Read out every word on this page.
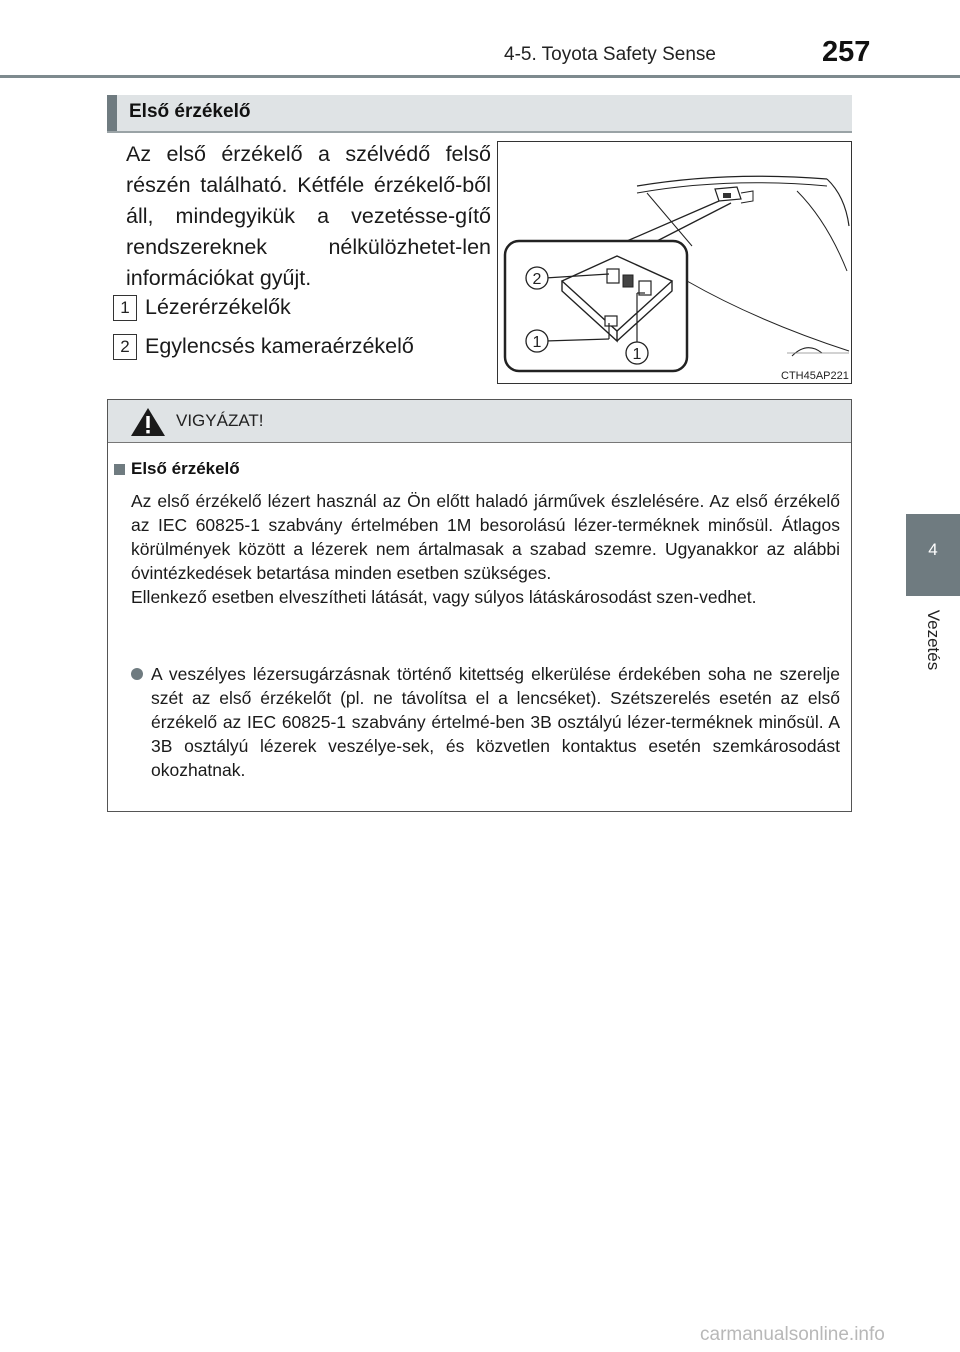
4-5. Toyota Safety Sense	257
4
Vezetés
Első érzékelő
Az első érzékelő a szélvédő felső részén található. Kétféle érzékelő-ből áll, mindegyikük a vezetésse-gítő rendszereknek nélkülözhetet-len információkat gyűjt.
1 Lézerérzékelők
2 Egylencsés kameraérzékelő
2
1
1
CTH45AP221
VIGYÁZAT!
Első érzékelő

Az első érzékelő lézert használ az Ön előtt haladó járművek észlelésére. Az első érzékelő az IEC 60825-1 szabvány értelmében 1M besorolású lézer-terméknek minősül. Átlagos körülmények között a lézerek nem ártalmasak a szabad szemre. Ugyanakkor az alábbi óvintézkedések betartása minden esetben szükséges.

Ellenkező esetben elveszítheti látását, vagy súlyos látáskárosodást szen-vedhet.

A veszélyes lézersugárzásnak történő kitettség elkerülése érdekében soha ne szerelje szét az első érzékelőt (pl. ne távolítsa el a lencséket). Szétszerelés esetén az első érzékelő az IEC 60825-1 szabvány értelmé-ben 3B osztályú lézer-terméknek minősül. A 3B osztályú lézerek veszélye-sek, és közvetlen kontaktus esetén szemkárosodást okozhatnak.
carmanualsonline.info
